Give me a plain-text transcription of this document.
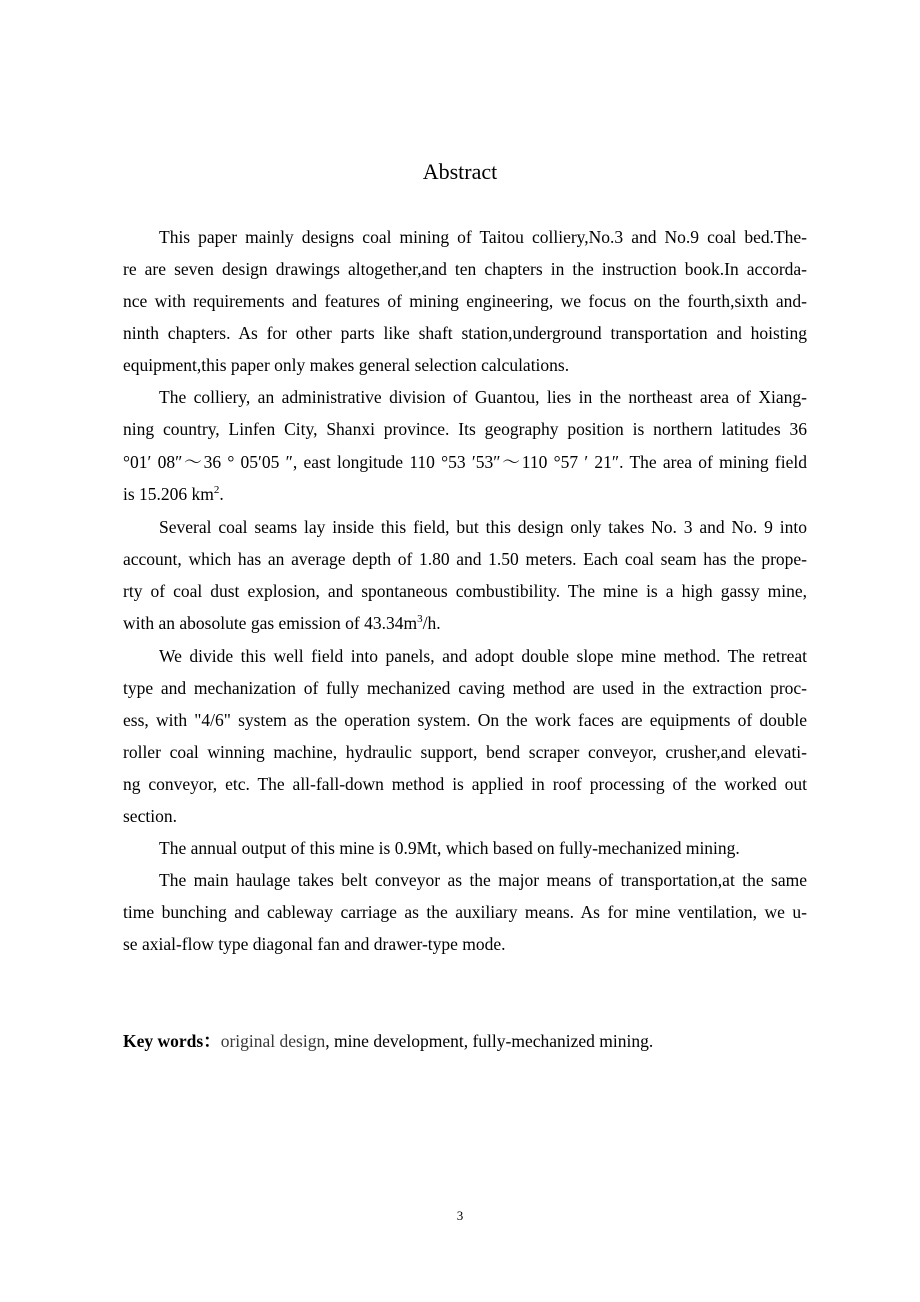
Abstract
This paper mainly designs coal mining of Taitou colliery,No.3 and No.9 coal bed.The-
re are seven design drawings altogether,and ten chapters in the instruction book.In accorda-
nce with requirements and features of mining engineering, we focus on the fourth,sixth and-
ninth chapters. As for other parts like shaft station,underground transportation and hoisting
equipment,this paper only makes general selection calculations.
The colliery, an administrative division of Guantou, lies in the northeast area of Xiang-
ning country, Linfen City, Shanxi province. Its geography position is northern latitudes 36
°01′ 08″～36 ° 05′05 ″, east longitude 110 °53 ′53″～110 °57 ′ 21″. The area of mining field
is 15.206 $km^2$.
Several coal seams lay inside this field, but this design only takes No. 3 and No. 9 into
account, which has an average depth of 1.80 and 1.50 meters. Each coal seam has the prope-
rty of coal dust explosion, and spontaneous combustibility. The mine is a high gassy mine,
with an abosolute gas emission of $43.34m^3/h$.
We divide this well field into panels, and adopt double slope mine method. The retreat
type and mechanization of fully mechanized caving method are used in the extraction proc-
ess, with "4/6" system as the operation system. On the work faces are equipments of double
roller coal winning machine, hydraulic support, bend scraper conveyor, crusher,and elevati-
ng conveyor, etc. The all-fall-down method is applied in roof processing of the worked out
section.
The annual output of this mine is 0.9Mt, which based on fully-mechanized mining.
The main haulage takes belt conveyor as the major means of transportation,at the same
time bunching and cableway carriage as the auxiliary means. As for mine ventilation, we u-
se axial-flow type diagonal fan and drawer-type mode.
Key words：original design, mine development, fully-mechanized mining.
3
